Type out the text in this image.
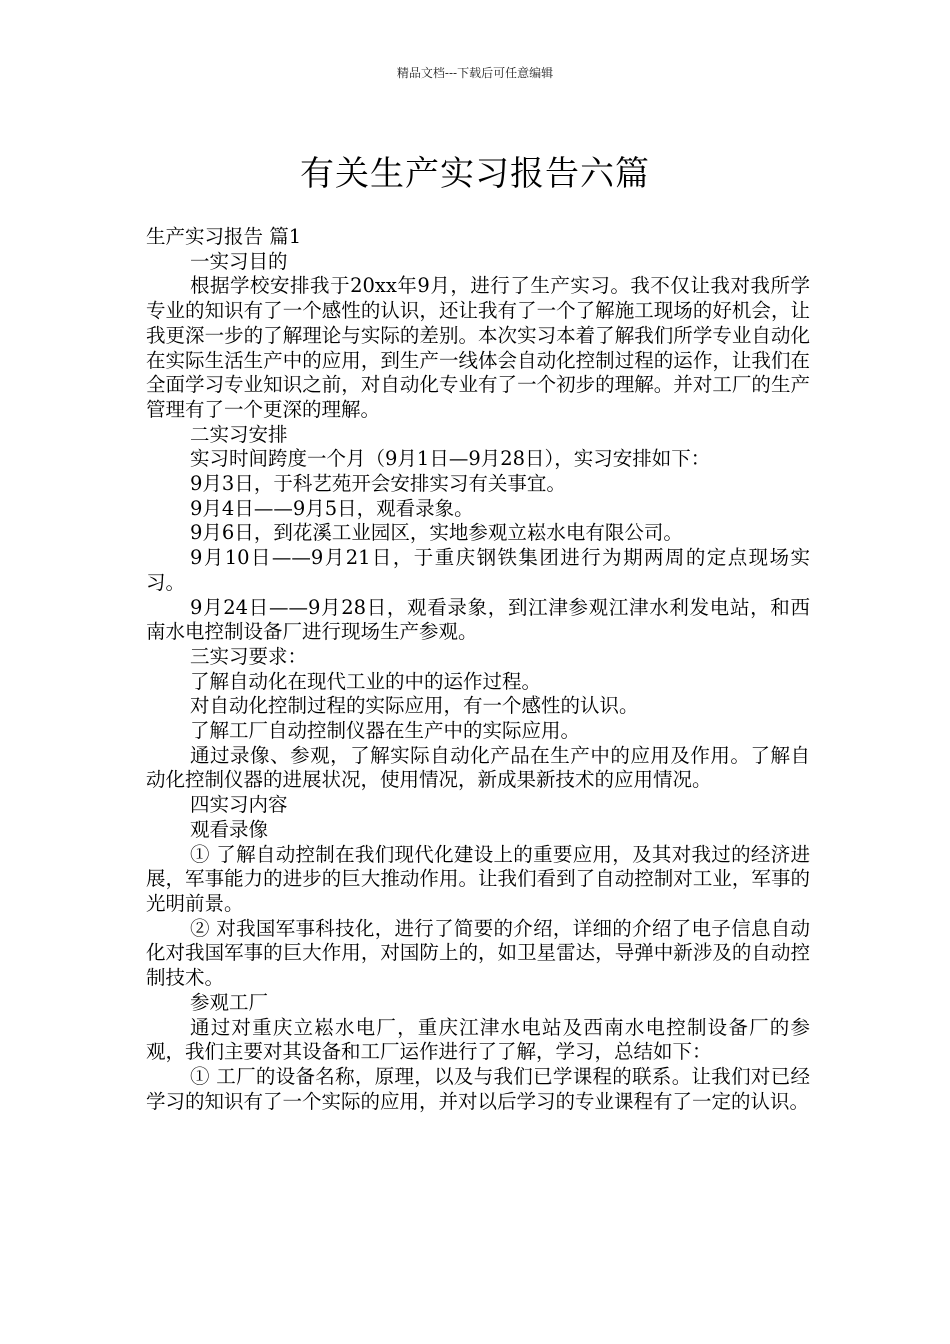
精品文档---下载后可任意编辑
有关生产实习报告六篇

生产实习报告 篇1

一实习目的

根据学校安排我于20xx年9月，进行了生产实习。我不仅让我对我所学专业的知识有了一个感性的认识，还让我有了一个了解施工现场的好机会，让我更深一步的了解理论与实际的差别。本次实习本着了解我们所学专业自动化在实际生活生产中的应用，到生产一线体会自动化控制过程的运作，让我们在全面学习专业知识之前，对自动化专业有了一个初步的理解。并对工厂的生产管理有了一个更深的理解。

二实习安排

实习时间跨度一个月（9月1日—9月28日），实习安排如下：

9月3日，于科艺苑开会安排实习有关事宜。

9月4日——9月5日，观看录象。

9月6日，到花溪工业园区，实地参观立崧水电有限公司。

9月10日——9月21日，于重庆钢铁集团进行为期两周的定点现场实习。

9月24日——9月28日，观看录象，到江津参观江津水利发电站，和西南水电控制设备厂进行现场生产参观。

三实习要求：

了解自动化在现代工业的中的运作过程。

对自动化控制过程的实际应用，有一个感性的认识。

了解工厂自动控制仪器在生产中的实际应用。

通过录像、参观，了解实际自动化产品在生产中的应用及作用。了解自动化控制仪器的进展状况，使用情况，新成果新技术的应用情况。

四实习内容

观看录像

① 了解自动控制在我们现代化建设上的重要应用，及其对我过的经济进展，军事能力的进步的巨大推动作用。让我们看到了自动控制对工业，军事的光明前景。

② 对我国军事科技化，进行了简要的介绍，详细的介绍了电子信息自动化对我国军事的巨大作用，对国防上的，如卫星雷达，导弹中新涉及的自动控制技术。

参观工厂

通过对重庆立崧水电厂，重庆江津水电站及西南水电控制设备厂的参观，我们主要对其设备和工厂运作进行了了解，学习，总结如下：

① 工厂的设备名称，原理，以及与我们已学课程的联系。让我们对已经学习的知识有了一个实际的应用，并对以后学习的专业课程有了一定的认识。
